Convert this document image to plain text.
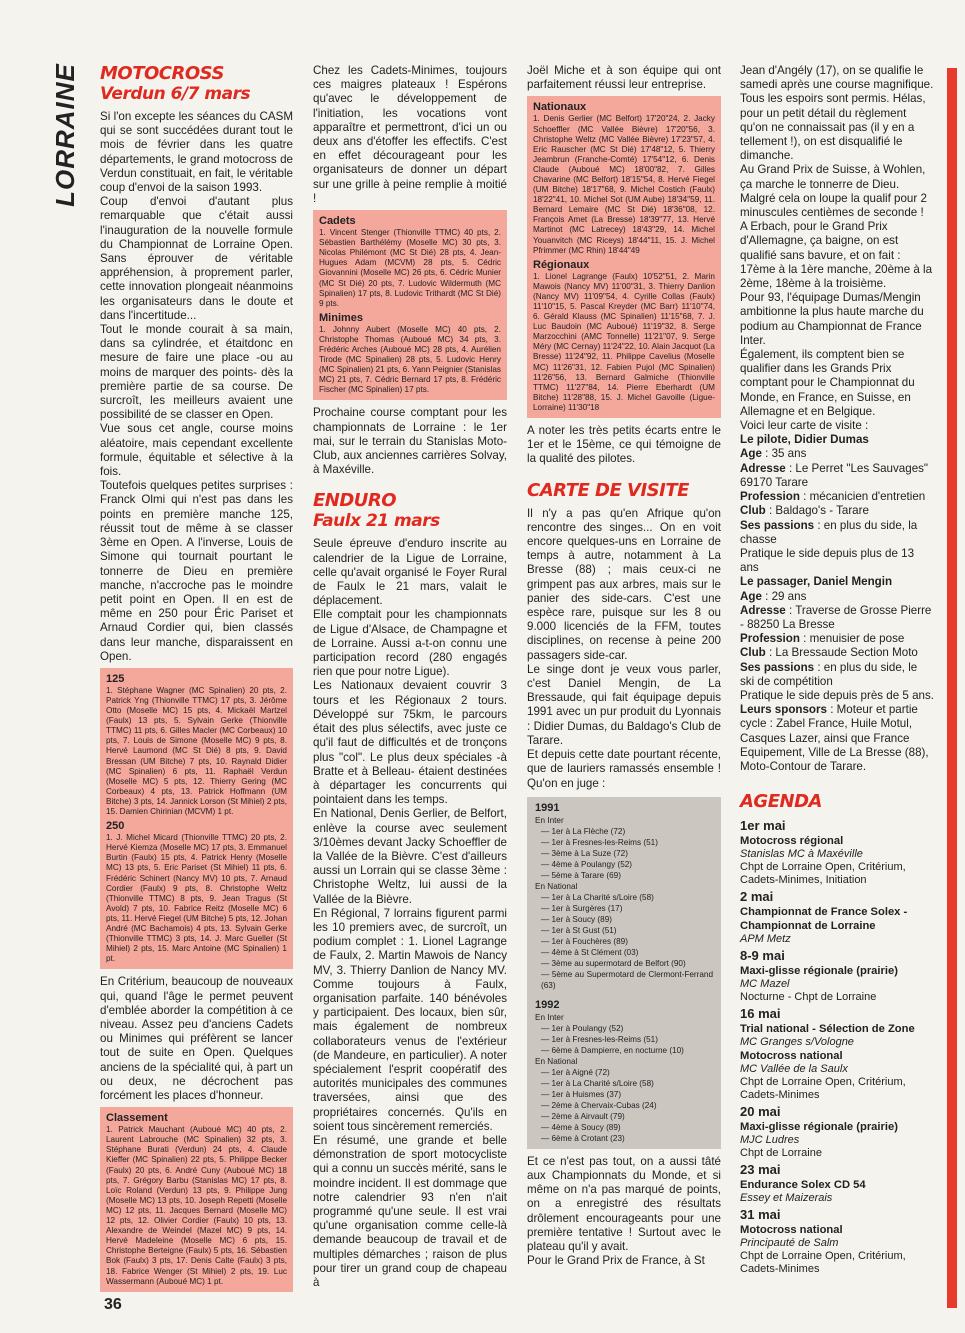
LORRAINE MOTOCROSS
Verdun 6/7 mars

Si l'on excepte les séances du CASM qui se sont succédées durant tout le mois de février dans les quatre départements, le grand motocross de Verdun constituait, en fait, le véritable coup d'envoi de la saison 1993.

Coup d'envoi d'autant plus remarquable que c'était aussi l'inauguration de la nouvelle formule du Championnat de Lorraine Open. Sans éprouver de véritable appréhension, à proprement parler, cette innovation plongeait néanmoins les organisateurs dans le doute et dans l'incertitude...

Tout le monde courait à sa main, dans sa cylindrée, et étaitdonc en mesure de faire une place -ou au moins de marquer des points- dès la première partie de sa course. De surcroît, les meilleurs avaient une possibilité de se classer en Open.

Vue sous cet angle, course moins aléatoire, mais cependant excellente formule, équitable et sélective à la fois.

Toutefois quelques petites surprises : Franck Olmi qui n'est pas dans les points en première manche 125, réussit tout de même à se classer 3ème en Open. A l'inverse, Louis de Simone qui tournait pourtant le tonnerre de Dieu en première manche, n'accroche pas le moindre petit point en Open. Il en est de même en 250 pour Éric Pariset et Arnaud Cordier qui, bien classés dans leur manche, disparaissent en Open.

125
1. Stéphane Wagner (MC Spinalien) 20 pts, 2. Patrick Yng (Thionville TTMC) 17 pts, 3. Jérôme Otto (Moselle MC) 15 pts, 4. Mickaël Martzel (Faulx) 13 pts, 5. Sylvain Gerke (Thionville TTMC) 11 pts, 6. Gilles Macler (MC Corbeaux) 10 pts, 7. Louis de Simone (Moselle MC) 9 pts, 8. Hervé Laumond (MC St Dié) 8 pts, 9. David Bressan (UM Bitche) 7 pts, 10. Raynald Didier (MC Spinalien) 6 pts, 11. Raphaël Verdun (Moselle MC) 5 pts, 12. Thierry Gering (MC Corbeaux) 4 pts, 13. Patrick Hoffmann (UM Bitche) 3 pts, 14. Jannick Lorson (St Mihiel) 2 pts, 15. Damien Chirinian (MCVM) 1 pt.
250
1. J. Michel Micard (Thionville TTMC) 20 pts, 2. Hervé Kiemza (Moselle MC) 17 pts, 3. Emmanuel Burtin (Faulx) 15 pts, 4. Patrick Henry (Moselle MC) 13 pts, 5. Eric Pariset (St Mihiel) 11 pts, 6. Frédéric Schinert (Nancy MV) 10 pts, 7. Arnaud Cordier (Faulx) 9 pts, 8. Christophe Weltz (Thionville TTMC) 8 pts, 9. Jean Tragus (St Avold) 7 pts, 10. Fabrice Reitz (Moselle MC) 6 pts, 11. Hervé Fiegel (UM Bitche) 5 pts, 12. Johan André (MC Bachamois) 4 pts, 13. Sylvain Gerke (Thionville TTMC) 3 pts, 14. J. Marc Gueller (St Mihiel) 2 pts, 15. Marc Antoine (MC Spinalien) 1 pt.

En Critérium, beaucoup de nouveaux qui, quand l'âge le permet peuvent d'emblée aborder la compétition à ce niveau. Assez peu d'anciens Cadets ou Minimes qui préfèrent se lancer tout de suite en Open. Quelques anciens de la spécialité qui, à part un ou deux, ne décrochent pas forcément les places d'honneur.

Classement
1. Patrick Mauchant (Auboué MC) 40 pts, 2. Laurent Labrouche (MC Spinalien) 32 pts, 3. Stéphane Burati (Verdun) 24 pts, 4. Claude Kieffer (MC Spinalien) 22 pts, 5. Philippe Becker (Faulx) 20 pts, 6. André Cuny (Auboué MC) 18 pts, 7. Grégory Barbu (Stanislas MC) 17 pts, 8. Loïc Roland (Verdun) 13 pts, 9. Philippe Jung (Moselle MC) 13 pts, 10. Joseph Repetti (Moselle MC) 12 pts, 11. Jacques Bernard (Moselle MC) 12 pts, 12. Olivier Cordier (Faulx) 10 pts, 13. Alexandre de Weindel (Mazel MC) 9 pts, 14. Hervé Madeleine (Moselle MC) 6 pts, 15. Christophe Berteigne (Faulx) 5 pts, 16. Sébastien Bok (Faulx) 3 pts, 17. Denis Calte (Faulx) 3 pts, 18. Fabrice Wenger (St Mihiel) 2 pts, 19. Luc Wassermann (Auboué MC) 1 pt.

Chez les Cadets-Minimes, toujours ces maigres plateaux ! Espérons qu'avec le développement de l'initiation, les vocations vont apparaître et permettront, d'ici un ou deux ans d'étoffer les effectifs. C'est en effet décourageant pour les organisateurs de donner un départ sur une grille à peine remplie à moitié !

Cadets
1. Vincent Stenger (Thionville TTMC) 40 pts, 2. Sébastien Barthélémy (Moselle MC) 30 pts, 3. Nicolas Philémont (MC St Dié) 28 pts, 4. Jean-Hugues Adam (MCVM) 28 pts, 5. Cédric Giovannini (Moselle MC) 26 pts, 6. Cédric Munier (MC St Dié) 20 pts, 7. Ludovic Wildermuth (MC Spinalien) 17 pts, 8. Ludovic Trithardt (MC St Dié) 9 pts.
Minimes
1. Johnny Aubert (Moselle MC) 40 pts, 2. Christophe Thomas (Auboué MC) 34 pts, 3. Frédéric Arches (Auboué MC) 28 pts, 4. Aurélien Tirode (MC Spinalien) 28 pts, 5. Ludovic Henry (MC Spinalien) 21 pts, 6. Yann Peignier (Stanislas MC) 21 pts, 7. Cédric Bernard 17 pts, 8. Frédéric Fischer (MC Spinalien) 17 pts.

Prochaine course comptant pour les championnats de Lorraine : le 1er mai, sur le terrain du Stanislas Moto-Club, aux anciennes carrières Solvay, à Maxéville.

ENDURO
Faulx 21 mars

Seule épreuve d'enduro inscrite au calendrier de la Ligue de Lorraine, celle qu'avait organisé le Foyer Rural de Faulx le 21 mars, valait le déplacement.

Elle comptait pour les championnats de Ligue d'Alsace, de Champagne et de Lorraine. Aussi a-t-on connu une participation record (280 engagés rien que pour notre Ligue).

Les Nationaux devaient couvrir 3 tours et les Régionaux 2 tours. Développé sur 75km, le parcours était des plus sélectifs, avec juste ce qu'il faut de difficultés et de tronçons plus "col". Le plus deux spéciales -à Bratte et à Belleau- étaient destinées à départager les concurrents qui pointaient dans les temps.

En National, Denis Gerlier, de Belfort, enlève la course avec seulement 3/10èmes devant Jacky Schoeffler de la Vallée de la Bièvre. C'est d'ailleurs aussi un Lorrain qui se classe 3ème : Christophe Weltz, lui aussi de la Vallée de la Bièvre.

En Régional, 7 lorrains figurent parmi les 10 premiers avec, de surcroît, un podium complet : 1. Lionel Lagrange de Faulx, 2. Martin Mawois de Nancy MV, 3. Thierry Danlion de Nancy MV. Comme toujours à Faulx, organisation parfaite. 140 bénévoles y participaient. Des locaux, bien sûr, mais également de nombreux collaborateurs venus de l'extérieur (de Mandeure, en particulier). A noter spécialement l'esprit coopératif des autorités municipales des communes traversées, ainsi que des propriétaires concernés. Qu'ils en soient tous sincèrement remerciés.

En résumé, une grande et belle démonstration de sport motocycliste qui a connu un succès mérité, sans le moindre incident. Il est dommage que notre calendrier 93 n'en n'ait programmé qu'une seule. Il est vrai qu'une organisation comme celle-là demande beaucoup de travail et de multiples démarches ; raison de plus pour tirer un grand coup de chapeau à

Joël Miche et à son équipe qui ont parfaitement réussi leur entreprise.

Nationaux
1. Denis Gerlier (MC Belfort) 17'20"24, 2. Jacky Schoeffler (MC Vallée Bièvre) 17'20"56, 3. Christophe Weltz (MC Vallée Bièvre) 17'23"57, 4. Eric Rauscher (MC St Dié) 17'48"12, 5. Thierry Jeambrun (Franche-Comté) 17'54"12, 6. Denis Claude (Auboué MC) 18'00"82, 7. Gilles Chavarine (MC Belfort) 18'15"54, 8. Hervé Fiegel (UM Bitche) 18'17"68, 9. Michel Costich (Faulx) 18'22"41, 10. Michel Sot (UM Aube) 18'34"59, 11. Bernard Lemaire (MC St Dié) 18'36"08, 12. François Amet (La Bresse) 18'39"77, 13. Hervé Martinot (MC Latrecey) 18'43"29, 14. Michel Youanvitch (MC Riceys) 18'44"11, 15. J. Michel Pfrimmer (MC Rhin) 18'44"49
Régionaux
1. Lionel Lagrange (Faulx) 10'52"51, 2. Marin Mawois (Nancy MV) 11'00"31, 3. Thierry Danlion (Nancy MV) 11'09"54, 4. Cyrille Collas (Faulx) 11'10"15, 5. Pascal Kreyder (MC Barr) 11'10"74, 6. Gérald Klauss (MC Spinalien) 11'15"68, 7. J. Luc Baudoin (MC Auboué) 11'19"32, 8. Serge Marzocchini (AMC Tonnelle) 11'21"07, 9. Serge Méry (MC Cernay) 11'24"22, 10. Alain Jacquot (La Bresse) 11'24"92, 11. Philippe Cavelius (Moselle MC) 11'26"31, 12. Fabien Pujol (MC Spinalien) 11'26"56, 13. Bernard Galmiche (Thionville TTMC) 11'27"84, 14. Pierre Eberhardt (UM Bitche) 11'28"88, 15. J. Michel Gavoille (Ligue-Lorraine) 11'30"18

A noter les très petits écarts entre le 1er et le 15ème, ce qui témoigne de la qualité des pilotes.

CARTE DE VISITE

Il n'y a pas qu'en Afrique qu'on rencontre des singes... On en voit encore quelques-uns en Lorraine de temps à autre, notamment à La Bresse (88) ; mais ceux-ci ne grimpent pas aux arbres, mais sur le panier des side-cars. C'est une espèce rare, puisque sur les 8 ou 9.000 licenciés de la FFM, toutes disciplines, on recense à peine 200 passagers side-car.

Le singe dont je veux vous parler, c'est Daniel Mengin, de La Bressaude, qui fait équipage depuis 1991 avec un pur produit du Lyonnais : Didier Dumas, du Baldago's Club de Tarare.

Et depuis cette date pourtant récente, que de lauriers ramassés ensemble ! Qu'on en juge :

1991
En Inter
— 1er à La Flèche (72)
— 1er à Fresnes-les-Reims (51)
— 3ème à La Suze (72)
— 4ème à Poulangy (52)
— 5ème à Tarare (69)
En National
— 1er à La Charité s/Loire (58)
— 1er à Surgères (17)
— 1er à Soucy (89)
— 1er à St Gust (51)
— 1er à Fouchères (89)
— 4ème à St Clément (03)
— 3ème au supermotard de Belfort (90)
— 5ème au Supermotard de Clermont-Ferrand (63)
1992
En Inter
— 1er à Poulangy (52)
— 1er à Fresnes-les-Reims (51)
— 6ème à Dampierre, en nocturne (10)
En National
— 1er à Aigné (72)
— 1er à La Charité s/Loire (58)
— 1er à Huismes (37)
— 2ème à Chervaix-Cubas (24)
— 2ème à Airvault (79)
— 4ème à Soucy (89)
— 6ème à Crotant (23)

Et ce n'est pas tout, on a aussi tâté aux Championnats du Monde, et si même on n'a pas marqué de points, on a enregistré des résultats drôlement encourageants pour une première tentative ! Surtout avec le plateau qu'il y avait.

Pour le Grand Prix de France, à St

Jean d'Angély (17), on se qualifie le samedi après une course magnifique. Tous les espoirs sont permis. Hélas, pour un petit détail du règlement qu'on ne connaissait pas (il y en a tellement !), on est disqualifié le dimanche.

Au Grand Prix de Suisse, à Wohlen, ça marche le tonnerre de Dieu. Malgré cela on loupe la qualif pour 2 minuscules centièmes de seconde !

A Erbach, pour le Grand Prix d'Allemagne, ça baigne, on est qualifié sans bavure, et on fait : 17ème à la 1ère manche, 20ème à la 2ème, 18ème à la troisième.

Pour 93, l'équipage Dumas/Mengin ambitionne la plus haute marche du podium au Championnat de France Inter.

Également, ils comptent bien se qualifier dans les Grands Prix comptant pour le Championnat du Monde, en France, en Suisse, en Allemagne et en Belgique.

Voici leur carte de visite :

Le pilote, Didier Dumas

Age : 35 ans

Adresse : Le Perret "Les Sauvages" 69170 Tarare

Profession : mécanicien d'entretien

Club : Baldago's - Tarare

Ses passions : en plus du side, la chasse

Pratique le side depuis plus de 13 ans

Le passager, Daniel Mengin

Age : 29 ans

Adresse : Traverse de Grosse Pierre - 88250 La Bresse

Profession : menuisier de pose

Club : La Bressaude Section Moto

Ses passions : en plus du side, le ski de compétition

Pratique le side depuis près de 5 ans.

Leurs sponsors : Moteur et partie cycle : Zabel France, Huile Motul, Casques Lazer, ainsi que France Equipement, Ville de La Bresse (88), Moto-Contour de Tarare.

AGENDA
1er mai
Motocross régional
Stanislas MC à Maxéville
Chpt de Lorraine Open, Critérium, Cadets-Minimes, Initiation
2 mai
Championnat de France Solex - Championnat de Lorraine
APM Metz
8-9 mai
Maxi-glisse régionale (prairie)
MC Mazel
Nocturne - Chpt de Lorraine
16 mai
Trial national - Sélection de Zone
MC Granges s/Vologne
Motocross national
MC Vallée de la Saulx
Chpt de Lorraine Open, Critérium, Cadets-Minimes
20 mai
Maxi-glisse régionale (prairie)
MJC Ludres
Chpt de Lorraine
23 mai
Endurance Solex CD 54
Essey et Maizerais
31 mai
Motocross national
Principauté de Salm
Chpt de Lorraine Open, Critérium, Cadets-Minimes
36
